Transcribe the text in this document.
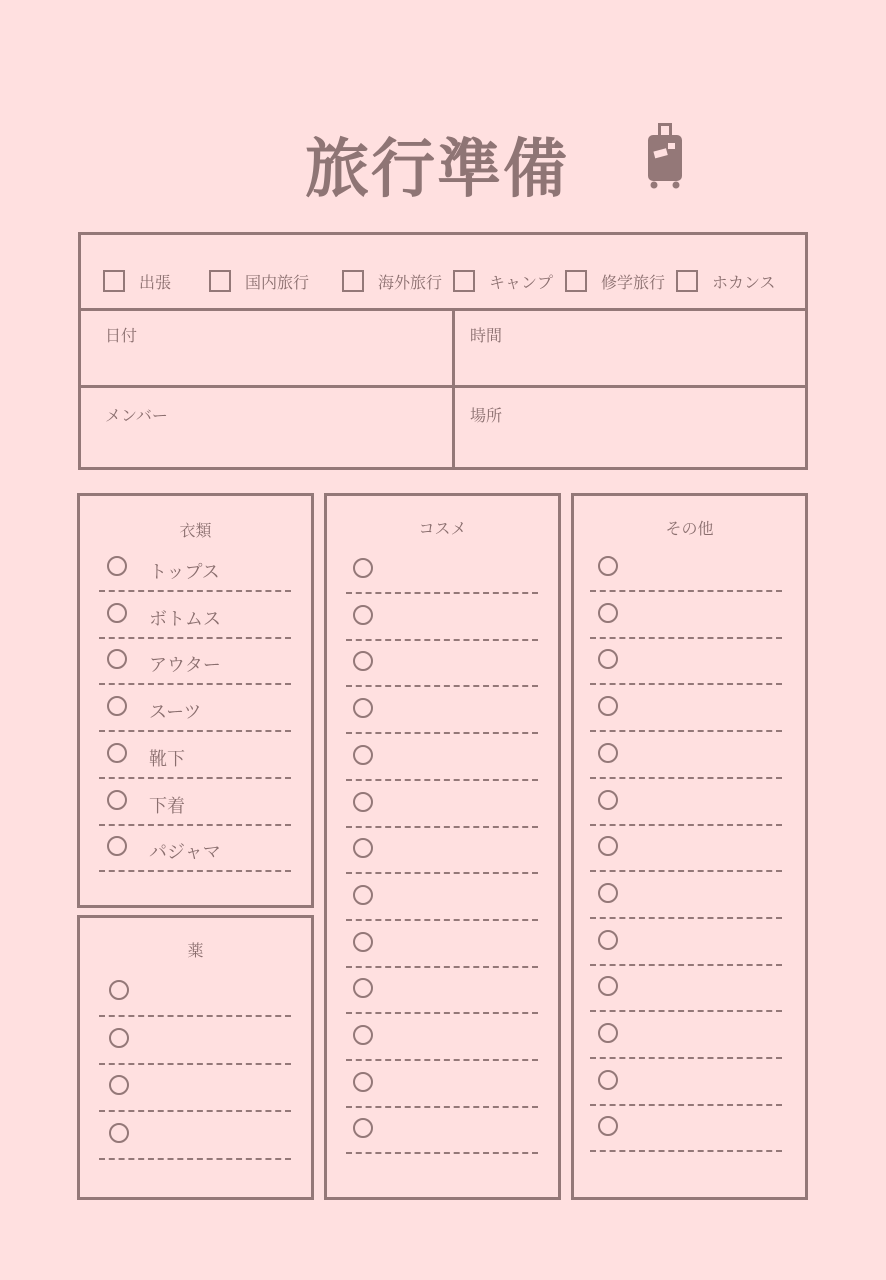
旅行準備
出張	国内旅行	海外旅行	キャンプ	修学旅行	ホカンス
日付	時間
メンバー	場所
衣類
トップス
ボトムス
アウター
スーツ
靴下
下着
パジャマ
薬
コスメ	その他
